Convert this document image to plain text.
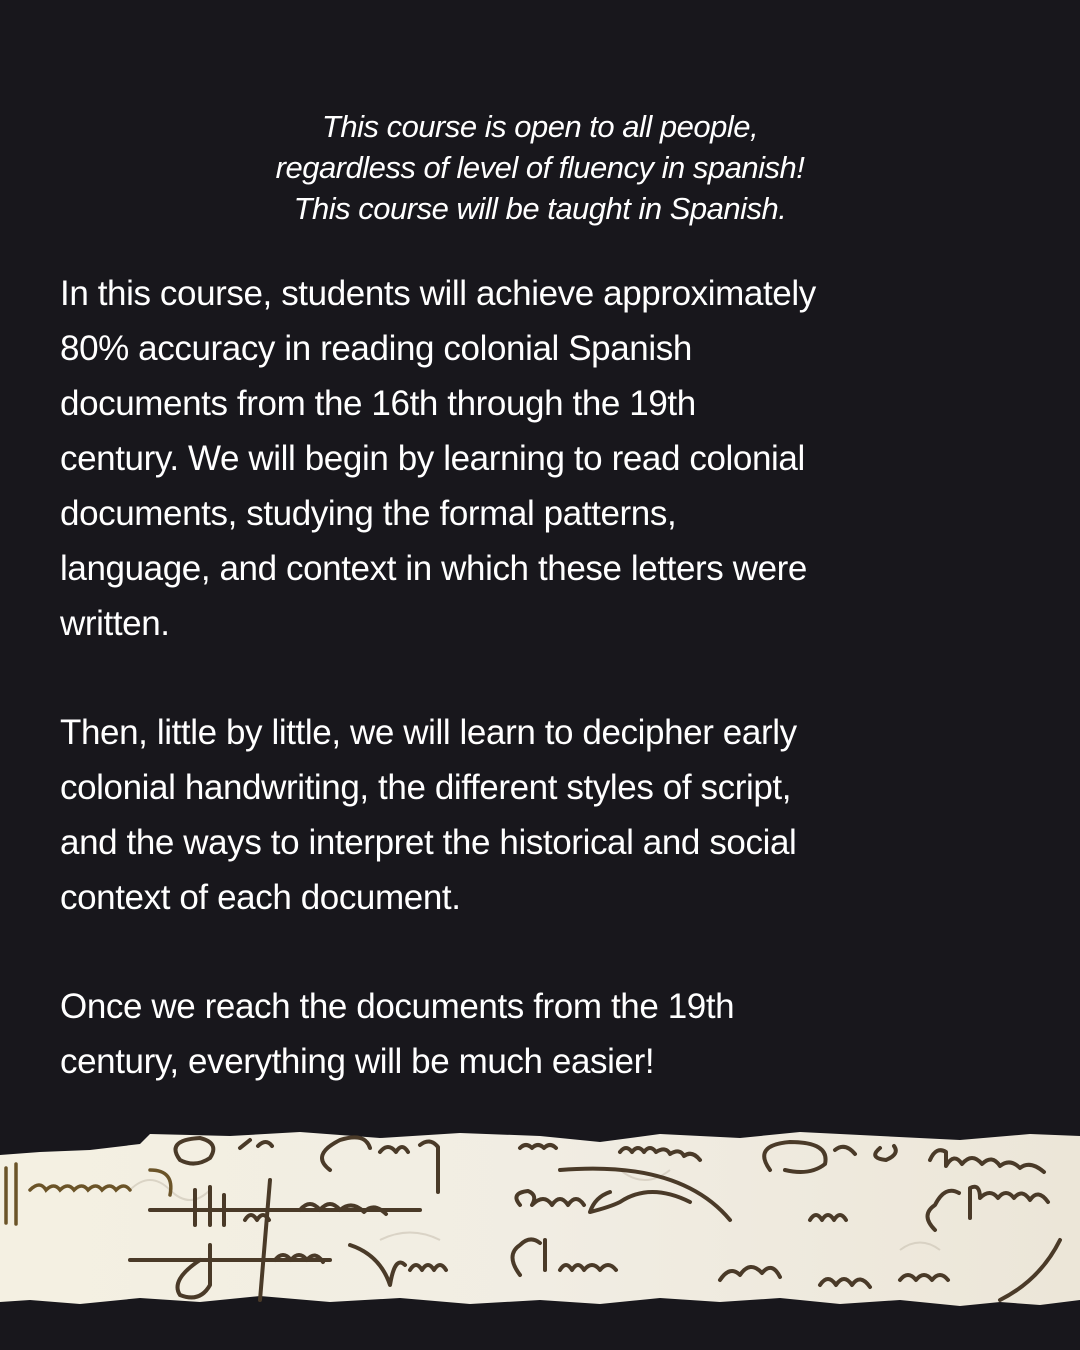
This course is open to all people,
regardless of level of fluency in spanish!
This course will be taught in Spanish.
In this course, students will achieve approximately
80% accuracy in reading colonial Spanish
documents from the 16th through the 19th
century. We will begin by learning to read colonial
documents, studying the formal patterns,
language, and context in which these letters were
written.
Then, little by little, we will learn to decipher early
colonial handwriting, the different styles of script,
and the ways to interpret the historical and social
context of each document.
Once we reach the documents from the 19th
century, everything will be much easier!
